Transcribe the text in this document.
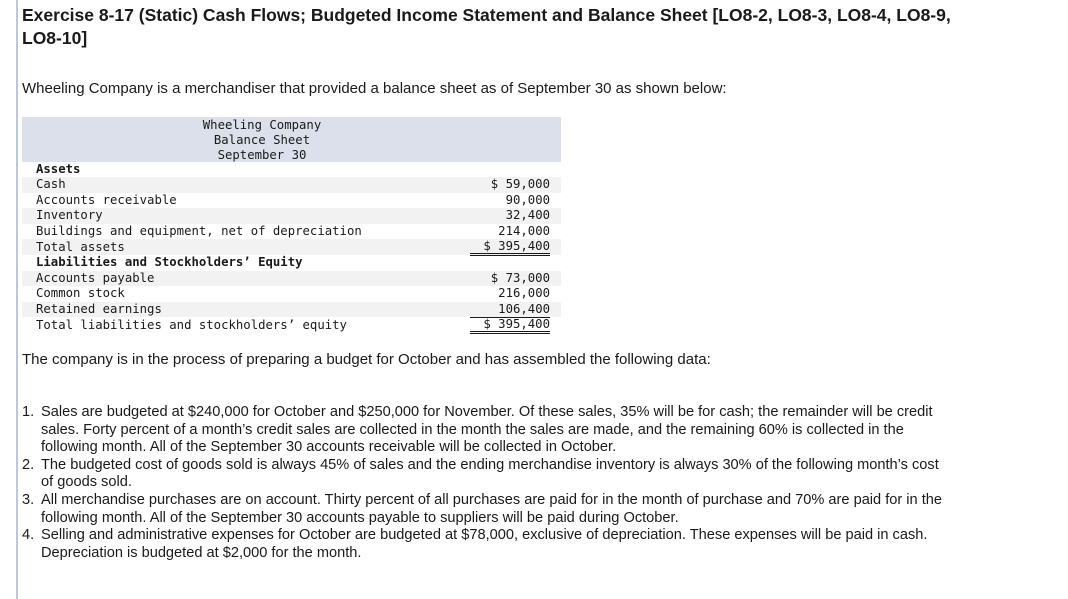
Exercise 8-17 (Static) Cash Flows; Budgeted Income Statement and Balance Sheet [LO8-2, LO8-3, LO8-4, LO8-9, LO8-10]

Wheeling Company is a merchandiser that provided a balance sheet as of September 30 as shown below:

Wheeling Company
Balance Sheet
September 30
Assets
Cash	$ 59,000
Accounts receivable	90,000
Inventory	32,400
Buildings and equipment, net of depreciation	214,000
Total assets	$ 395,400
Liabilities and Stockholders’ Equity
Accounts payable	$ 73,000
Common stock	216,000
Retained earnings	106,400
Total liabilities and stockholders’ equity	$ 395,400

The company is in the process of preparing a budget for October and has assembled the following data:

1. Sales are budgeted at $240,000 for October and $250,000 for November. Of these sales, 35% will be for cash; the remainder will be credit sales. Forty percent of a month’s credit sales are collected in the month the sales are made, and the remaining 60% is collected in the following month. All of the September 30 accounts receivable will be collected in October.
2. The budgeted cost of goods sold is always 45% of sales and the ending merchandise inventory is always 30% of the following month’s cost of goods sold.
3. All merchandise purchases are on account. Thirty percent of all purchases are paid for in the month of purchase and 70% are paid for in the following month. All of the September 30 accounts payable to suppliers will be paid during October.
4. Selling and administrative expenses for October are budgeted at $78,000, exclusive of depreciation. These expenses will be paid in cash. Depreciation is budgeted at $2,000 for the month.
